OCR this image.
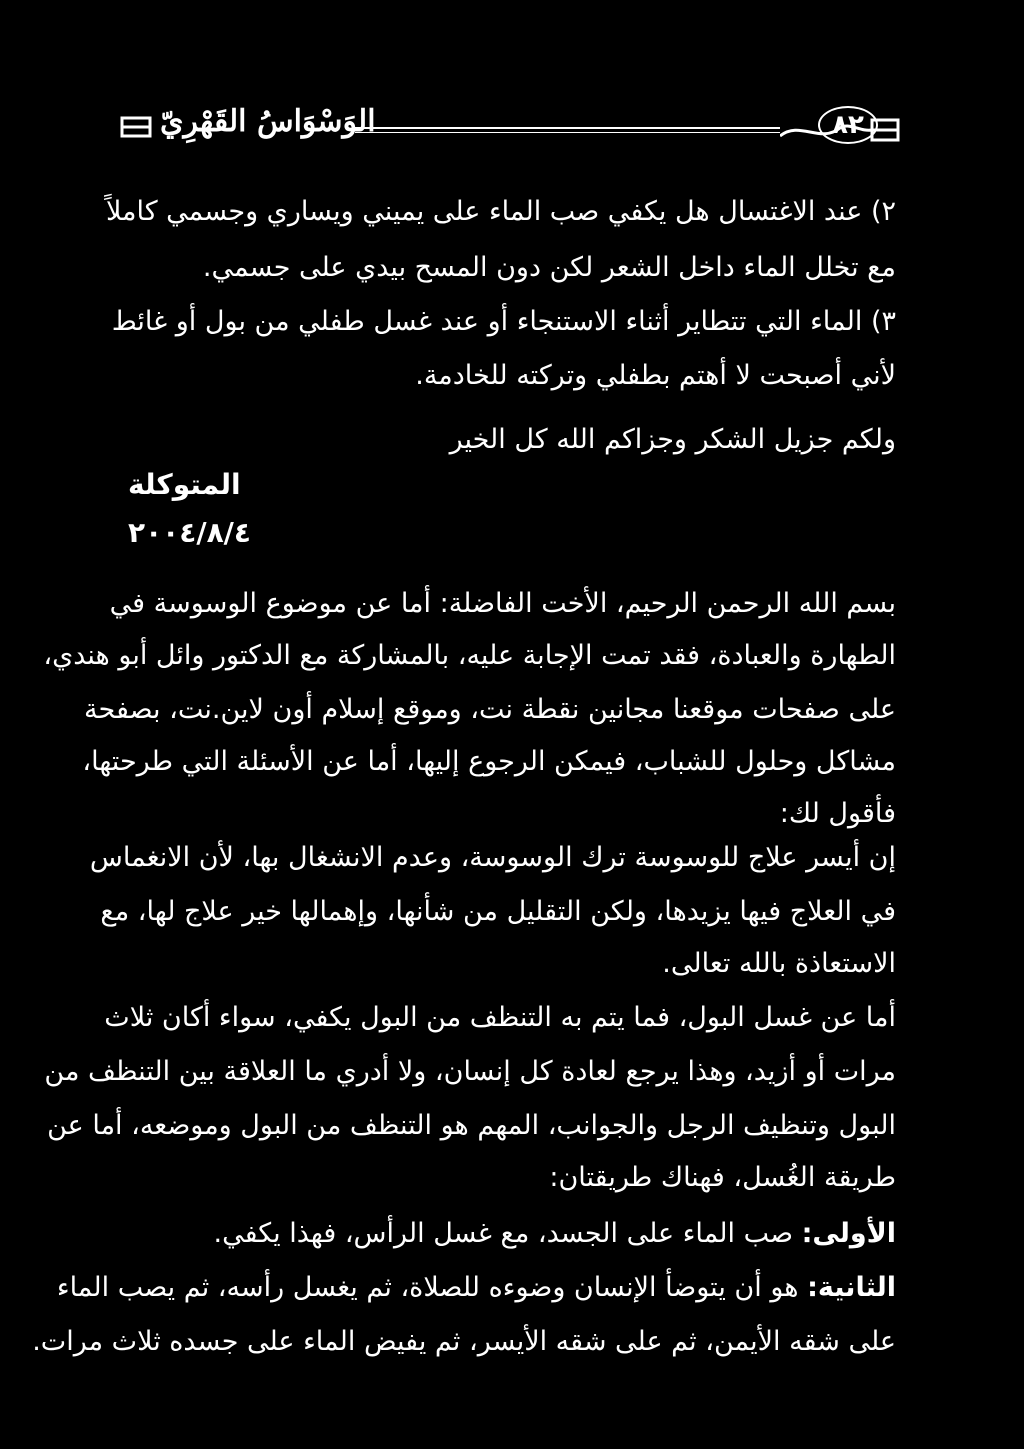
٨٢
الوَسْوَاسُ القَهْرِيّ
٢) عند الاغتسال هل يكفي صب الماء على يميني ويساري وجسمي كاملاً
مع تخلل الماء داخل الشعر لكن دون المسح بيدي على جسمي.
٣) الماء التي تتطاير أثناء الاستنجاء أو عند غسل طفلي من بول أو غائط
لأني أصبحت لا أهتم بطفلي وتركته للخادمة.
ولكم جزيل الشكر وجزاكم الله كل الخير
المتوكلة
٢٠٠٤/٨/٤
بسم الله الرحمن الرحيم، الأخت الفاضلة: أما عن موضوع الوسوسة في
الطهارة والعبادة، فقد تمت الإجابة عليه، بالمشاركة مع الدكتور وائل أبو هندي،
على صفحات موقعنا مجانين نقطة نت، وموقع إسلام أون لاين.نت، بصفحة
مشاكل وحلول للشباب، فيمكن الرجوع إليها، أما عن الأسئلة التي طرحتها،
فأقول لك:
إن أيسر علاج للوسوسة ترك الوسوسة، وعدم الانشغال بها، لأن الانغماس
في العلاج فيها يزيدها، ولكن التقليل من شأنها، وإهمالها خير علاج لها، مع
الاستعاذة بالله تعالى.
أما عن غسل البول، فما يتم به التنظف من البول يكفي، سواء أكان ثلاث
مرات أو أزيد، وهذا يرجع لعادة كل إنسان، ولا أدري ما العلاقة بين التنظف من
البول وتنظيف الرجل والجوانب، المهم هو التنظف من البول وموضعه، أما عن
طريقة الغُسل، فهناك طريقتان:
الأولى: صب الماء على الجسد، مع غسل الرأس، فهذا يكفي.
الثانية: هو أن يتوضأ الإنسان وضوءه للصلاة، ثم يغسل رأسه، ثم يصب الماء
على شقه الأيمن، ثم على شقه الأيسر، ثم يفيض الماء على جسده ثلاث مرات.
